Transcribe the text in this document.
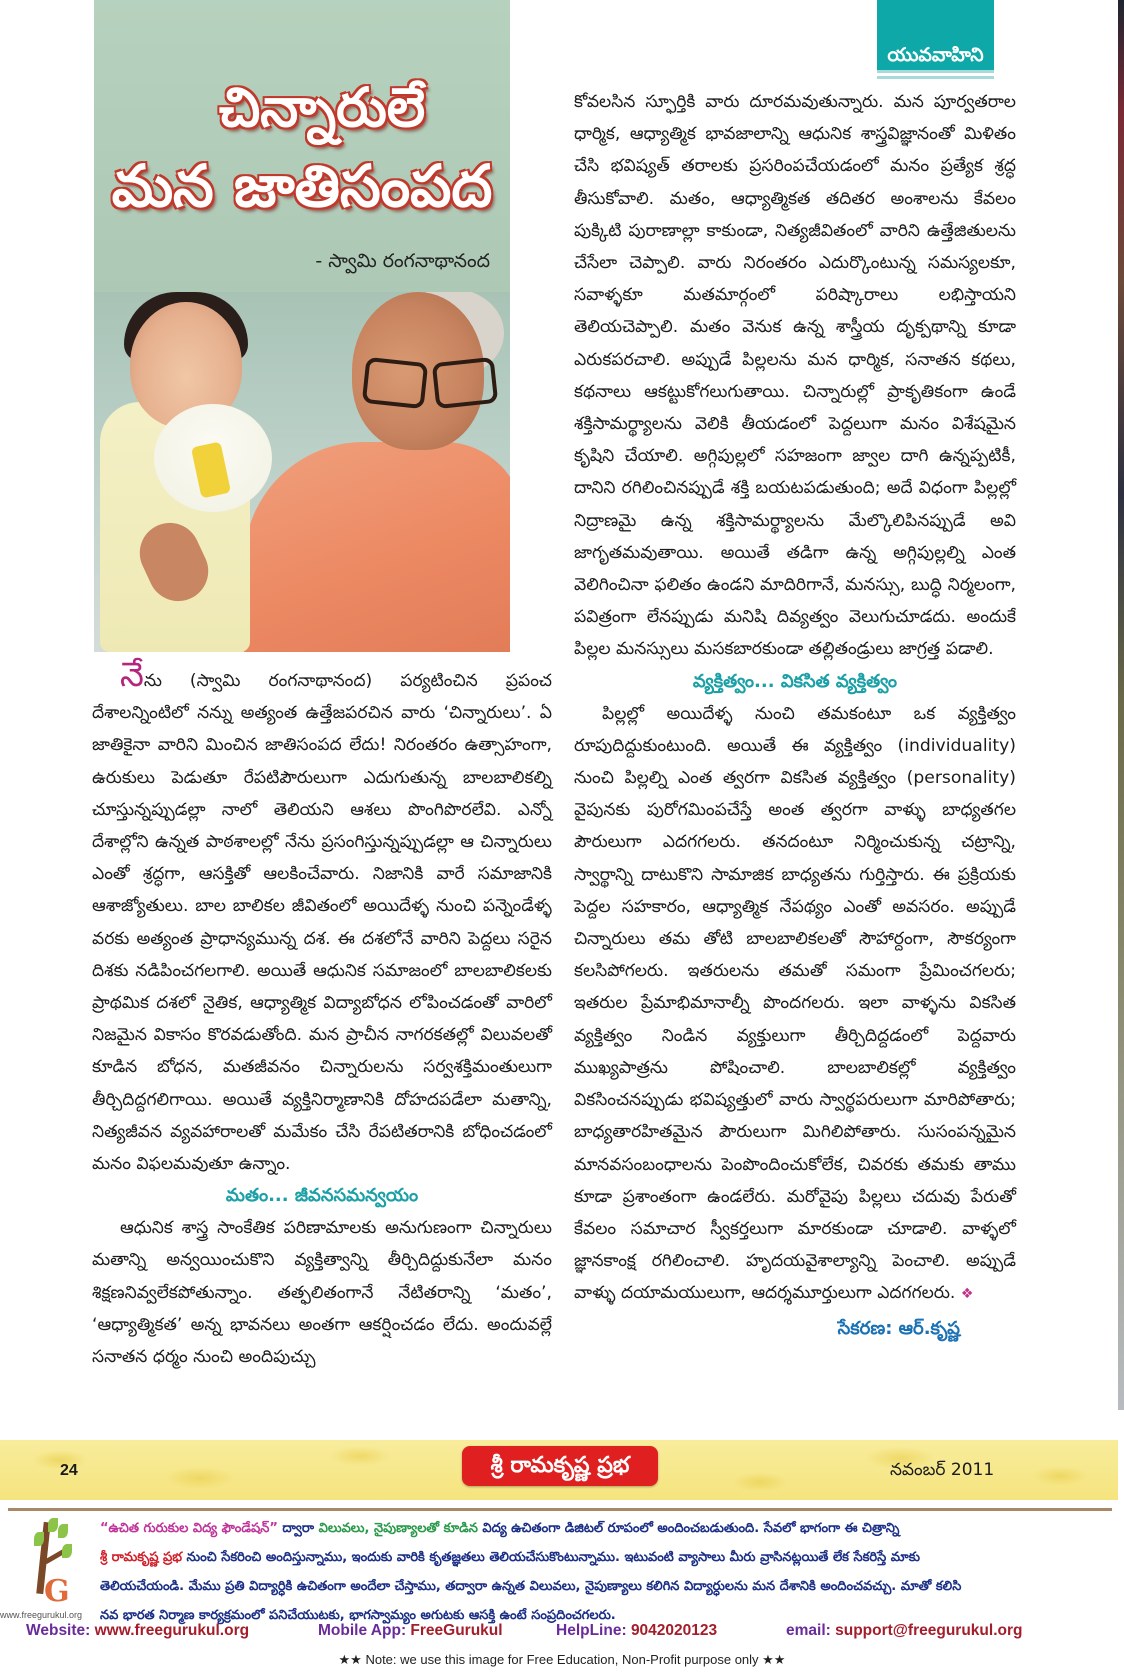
చిన్నారులే
మన జాతిసంపద
- స్వామి రంగనాథానంద
యువవాహిని

నేను (స్వామి రంగనాథానంద) పర్యటించిన ప్రపంచ దేశాలన్నింటిలో నన్ను అత్యంత ఉత్తేజపరచిన వారు ‘చిన్నారులు’. ఏ జాతికైనా వారిని మించిన జాతిసంపద లేదు! నిరంతరం ఉత్సాహంగా, ఉరుకులు పెడుతూ రేపటిపౌరులుగా ఎదుగుతున్న బాలబాలికల్ని చూస్తున్నప్పుడల్లా నాలో తెలియని ఆశలు పొంగిపొరలేవి. ఎన్నో దేశాల్లోని ఉన్నత పాఠశాలల్లో నేను ప్రసంగిస్తున్నప్పుడల్లా ఆ చిన్నారులు ఎంతో శ్రద్ధగా, ఆసక్తితో ఆలకించేవారు. నిజానికి వారే సమాజానికి ఆశాజ్యోతులు. బాల బాలికల జీవితంలో అయిదేళ్ళ నుంచి పన్నెండేళ్ళ వరకు అత్యంత ప్రాధాన్యమున్న దశ. ఈ దశలోనే వారిని పెద్దలు సరైన దిశకు నడిపించగలగాలి. అయితే ఆధునిక సమాజంలో బాలబాలికలకు ప్రాథమిక దశలో నైతిక, ఆధ్యాత్మిక విద్యాబోధన లోపించడంతో వారిలో నిజమైన వికాసం కొరవడుతోంది. మన ప్రాచీన నాగరకతల్లో విలువలతో కూడిన బోధన, మతజీవనం చిన్నారులను సర్వశక్తిమంతులుగా తీర్చిదిద్దగలిగాయి. అయితే వ్యక్తినిర్మాణానికి దోహదపడేలా మతాన్ని, నిత్యజీవన వ్యవహారాలతో మమేకం చేసి రేపటితరానికి బోధించడంలో మనం విఫలమవుతూ ఉన్నాం.

మతం... జీవనసమన్వయం

ఆధునిక శాస్త్ర సాంకేతిక పరిణామాలకు అనుగుణంగా చిన్నారులు మతాన్ని అన్వయించుకొని వ్యక్తిత్వాన్ని తీర్చిదిద్దుకునేలా మనం శిక్షణనివ్వలేకపోతున్నాం. తత్ఫలితంగానే నేటితరాన్ని ‘మతం’, ‘ఆధ్యాత్మికత’ అన్న భావనలు అంతగా ఆకర్షించడం లేదు. అందువల్లే సనాతన ధర్మం నుంచి అందిపుచ్చు

కోవలసిన స్ఫూర్తికి వారు దూరమవుతున్నారు. మన పూర్వతరాల ధార్మిక, ఆధ్యాత్మిక భావజాలాన్ని ఆధునిక శాస్త్రవిజ్ఞానంతో మిళితం చేసి భవిష్యత్ తరాలకు ప్రసరింపచేయడంలో మనం ప్రత్యేక శ్రద్ధ తీసుకోవాలి. మతం, ఆధ్యాత్మికత తదితర అంశాలను కేవలం పుక్కిటి పురాణాల్లా కాకుండా, నిత్యజీవితంలో వారిని ఉత్తేజితులను చేసేలా చెప్పాలి. వారు నిరంతరం ఎదుర్కొంటున్న సమస్యలకూ, సవాళ్ళకూ మతమార్గంలో పరిష్కారాలు లభిస్తాయని తెలియచెప్పాలి. మతం వెనుక ఉన్న శాస్త్రీయ దృక్పథాన్ని కూడా ఎరుకపరచాలి. అప్పుడే పిల్లలను మన ధార్మిక, సనాతన కథలు, కథనాలు ఆకట్టుకోగలుగుతాయి. చిన్నారుల్లో ప్రాకృతికంగా ఉండే శక్తిసామర్థ్యాలను వెలికి తీయడంలో పెద్దలుగా మనం విశేషమైన కృషిని చేయాలి. అగ్గిపుల్లలో సహజంగా జ్వాల దాగి ఉన్నప్పటికీ, దానిని రగిలించినప్పుడే శక్తి బయటపడుతుంది; అదే విధంగా పిల్లల్లో నిద్రాణమై ఉన్న శక్తిసామర్థ్యాలను మేల్కొలిపినప్పుడే అవి జాగృతమవుతాయి. అయితే తడిగా ఉన్న అగ్గిపుల్లల్ని ఎంత వెలిగించినా ఫలితం ఉండని మాదిరిగానే, మనస్సు, బుద్ధి నిర్మలంగా, పవిత్రంగా లేనప్పుడు మనిషి దివ్యత్వం వెలుగుచూడదు. అందుకే పిల్లల మనస్సులు మసకబారకుండా తల్లితండ్రులు జాగ్రత్త పడాలి.

వ్యక్తిత్వం... వికసిత వ్యక్తిత్వం

పిల్లల్లో అయిదేళ్ళ నుంచి తమకంటూ ఒక వ్యక్తిత్వం రూపుదిద్దుకుంటుంది. అయితే ఈ వ్యక్తిత్వం (individuality) నుంచి పిల్లల్ని ఎంత త్వరగా వికసిత వ్యక్తిత్వం (personality) వైపునకు పురోగమింపచేస్తే అంత త్వరగా వాళ్ళు బాధ్యతగల పౌరులుగా ఎదగగలరు. తనదంటూ నిర్మించుకున్న చట్రాన్ని, స్వార్థాన్ని దాటుకొని సామాజిక బాధ్యతను గుర్తిస్తారు. ఈ ప్రక్రియకు పెద్దల సహకారం, ఆధ్యాత్మిక నేపథ్యం ఎంతో అవసరం. అప్పుడే చిన్నారులు తమ తోటి బాలబాలికలతో సౌహార్దంగా, సౌకర్యంగా కలసిపోగలరు. ఇతరులను తమతో సమంగా ప్రేమించగలరు; ఇతరుల ప్రేమాభిమానాల్నీ పొందగలరు. ఇలా వాళ్ళను వికసిత వ్యక్తిత్వం నిండిన వ్యక్తులుగా తీర్చిదిద్దడంలో పెద్దవారు ముఖ్యపాత్రను పోషించాలి. బాలబాలికల్లో వ్యక్తిత్వం వికసించనప్పుడు భవిష్యత్తులో వారు స్వార్థపరులుగా మారిపోతారు; బాధ్యతారహితమైన పౌరులుగా మిగిలిపోతారు. సుసంపన్నమైన మానవసంబంధాలను పెంపొందించుకోలేక, చివరకు తమకు తాము కూడా ప్రశాంతంగా ఉండలేరు. మరోవైపు పిల్లలు చదువు పేరుతో కేవలం సమాచార స్వీకర్తలుగా మారకుండా చూడాలి. వాళ్ళలో జ్ఞానకాంక్ష రగిలించాలి. హృదయవైశాల్యాన్ని పెంచాలి. అప్పుడే వాళ్ళు దయామయులుగా, ఆదర్శమూర్తులుగా ఎదగగలరు. ❖

సేకరణ: ఆర్.కృష్ణ
24	శ్రీ రామకృష్ణ ప్రభ	నవంబర్ 2011
G
www.freegurukul.org
“ఉచిత గురుకుల విద్య ఫౌండేషన్” ద్వారా విలువలు, నైపుణ్యాలతో కూడిన విద్య ఉచితంగా డిజిటల్ రూపంలో అందించబడుతుంది. సేవలో భాగంగా ఈ చిత్రాన్ని
శ్రీ రామకృష్ణ ప్రభ నుంచి సేకరించి అందిస్తున్నాము, ఇందుకు వారికి కృతజ్ఞతలు తెలియచేసుకొంటున్నాము. ఇటువంటి వ్యాసాలు మీరు వ్రాసినట్లయితే లేక సేకరిస్తే మాకు
తెలియచేయండి. మేము ప్రతి విద్యార్ధికి ఉచితంగా అందేలా చేస్తాము, తద్వారా ఉన్నత విలువలు, నైపుణ్యాలు కలిగిన విద్యార్ధులను మన దేశానికి అందించవచ్చు. మాతో కలిసి
నవ భారత నిర్మాణ కార్యక్రమంలో పనిచేయుటకు, భాగస్వామ్యం అగుటకు ఆసక్తి ఉంటే సంప్రదించగలరు.
Website: www.freegurukul.org	Mobile App: FreeGurukul	HelpLine: 9042020123	email: support@freegurukul.org
★★ Note: we use this image for Free Education, Non-Profit purpose only ★★
